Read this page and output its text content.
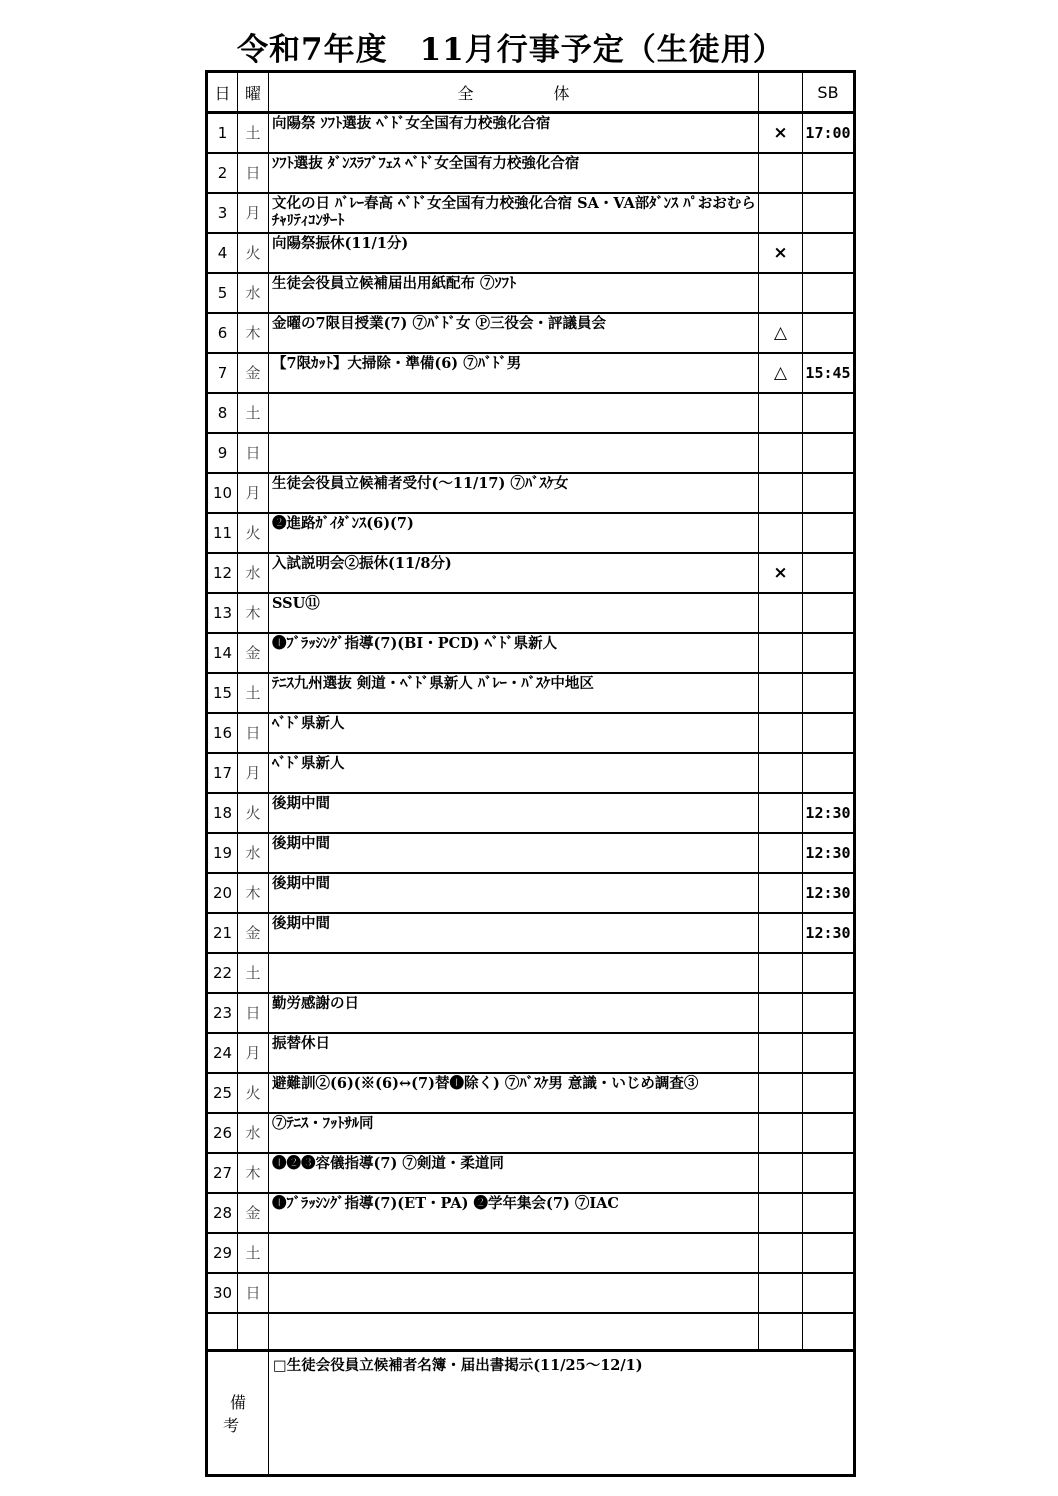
令和7年度　11月行事予定（生徒用）
日	曜	全体		SB
1	土	向陽祭 ｿﾌﾄ選抜 ﾍﾞﾄﾞ女全国有力校強化合宿	×	17:00
2	日	ｿﾌﾄ選抜 ﾀﾞﾝｽﾗﾌﾞﾌｪｽ ﾍﾞﾄﾞ女全国有力校強化合宿		
3	月	文化の日 ﾊﾞﾚｰ春高 ﾍﾞﾄﾞ女全国有力校強化合宿 SA・VA部ﾀﾞﾝｽ ﾊﾟおおむらﾁｬﾘﾃｨｺﾝｻｰﾄ		
4	火	向陽祭振休(11/1分)	×	
5	水	生徒会役員立候補届出用紙配布 ⑦ｿﾌﾄ		
6	木	金曜の7限目授業(7) ⑦ﾊﾞﾄﾞ女 Ⓟ三役会・評議員会	△	
7	金	【7限ｶｯﾄ】大掃除・準備(6) ⑦ﾊﾞﾄﾞ男	△	15:45
8	土			
9	日			
10	月	生徒会役員立候補者受付(～11/17) ⑦ﾊﾞｽｹ女		
11	火	❷進路ｶﾞｲﾀﾞﾝｽ(6)(7)		
12	水	入試説明会②振休(11/8分)	×	
13	木	SSU⑪		
14	金	❶ﾌﾞﾗｯｼﾝｸﾞ指導(7)(BI・PCD) ﾍﾞﾄﾞ県新人		
15	土	ﾃﾆｽ九州選抜 剣道・ﾍﾞﾄﾞ県新人 ﾊﾞﾚｰ・ﾊﾞｽｹ中地区		
16	日	ﾍﾞﾄﾞ県新人		
17	月	ﾍﾞﾄﾞ県新人		
18	火	後期中間		12:30
19	水	後期中間		12:30
20	木	後期中間		12:30
21	金	後期中間		12:30
22	土			
23	日	勤労感謝の日		
24	月	振替休日		
25	火	避難訓②(6)(※(6)↔(7)替❶除く) ⑦ﾊﾞｽｹ男 意識・いじめ調査③		
26	水	⑦ﾃﾆｽ・ﾌｯﾄｻﾙ同		
27	木	❶❷❸容儀指導(7) ⑦剣道・柔道同		
28	金	❶ﾌﾞﾗｯｼﾝｸﾞ指導(7)(ET・PA) ❷学年集会(7) ⑦IAC		
29	土			
30	日			

備考		□生徒会役員立候補者名簿・届出書掲示(11/25～12/1)		
